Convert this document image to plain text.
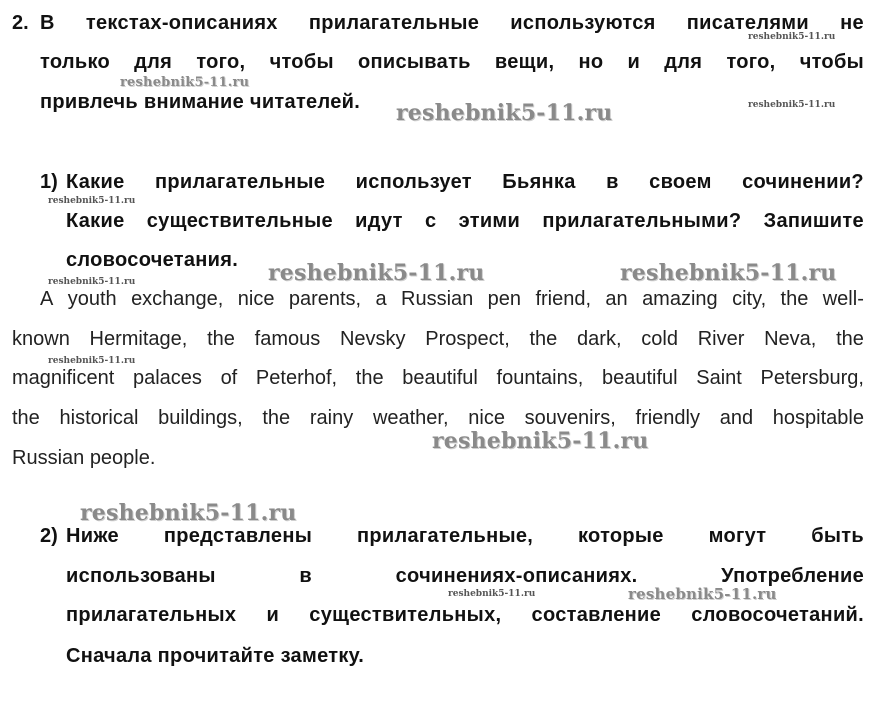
2. В текстах-описаниях прилагательные используются писателями не
только для того, чтобы описывать вещи, но и для того, чтобы
привлечь внимание читателей.
1) Какие прилагательные использует Бьянка в своем сочинении?
Какие существительные идут с этими прилагательными? Запишите
словосочетания.
A youth exchange, nice parents, a Russian pen friend, an amazing city, the well-
known Hermitage, the famous Nevsky Prospect, the dark, cold River Neva, the
magnificent palaces of Peterhof, the beautiful fountains, beautiful Saint Petersburg,
the historical buildings, the rainy weather, nice souvenirs, friendly and hospitable
Russian people.
2) Ниже представлены прилагательные, которые могут быть
использованы	в	сочинениях-описаниях.	Употребление
прилагательных и существительных, составление словосочетаний.
Сначала прочитайте заметку.
reshebnik5-11.ru
reshebnik5-11.ru
reshebnik5-11.ru	reshebnik5-11.ru
reshebnik5-11.ru
reshebnik5-11.ru	reshebnik5-11.ru
reshebnik5-11.ru
reshebnik5-11.ru
reshebnik5-11.ru
reshebnik5-11.ru
reshebnik5-11.ru	reshebnik5-11.ru
